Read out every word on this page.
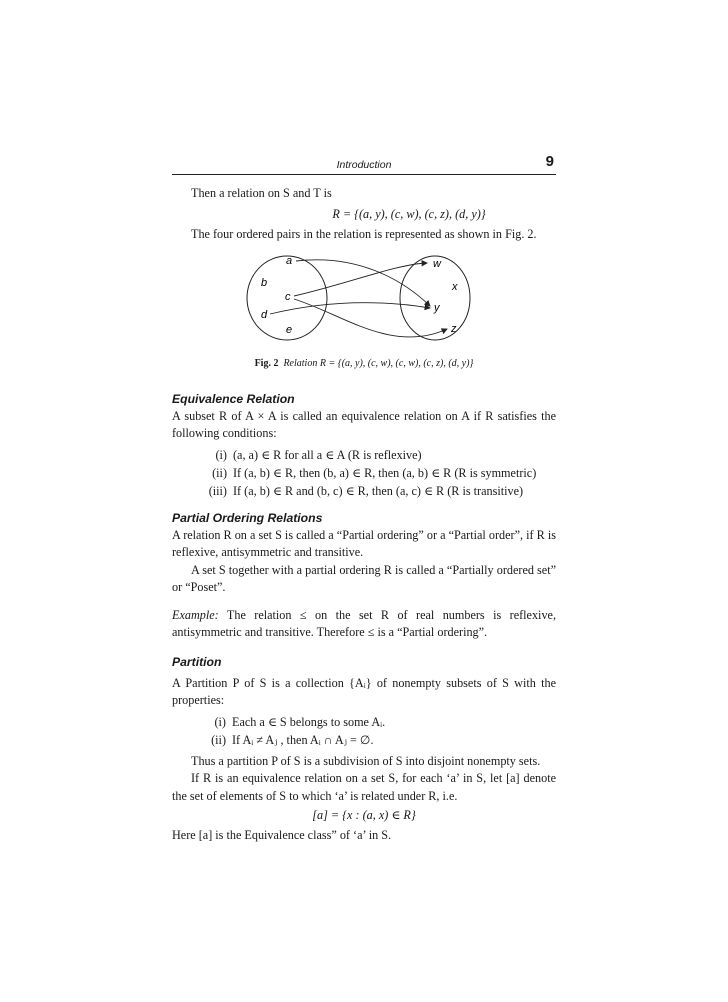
Introduction	9

Then a relation on S and T is

R = {(a, y), (c, w), (c, z), (d, y)}

The four ordered pairs in the relation is represented as shown in Fig. 2.

a
b
c
d
e
w
x
y
z
Fig. 2 Relation R = {(a, y), (c, w), (c, w), (c, z), (d, y)}
Equivalence Relation

A subset R of A × A is called an equivalence relation on A if R satisfies the following conditions:

(i) (a, a) ∈ R for all a ∈ A (R is reflexive)
(ii) If (a, b) ∈ R, then (b, a) ∈ R, then (a, b) ∈ R (R is symmetric)
(iii) If (a, b) ∈ R and (b, c) ∈ R, then (a, c) ∈ R (R is transitive)
Partial Ordering Relations

A relation R on a set S is called a “Partial ordering” or a “Partial order”, if R is reflexive, antisymmetric and transitive.

A set S together with a partial ordering R is called a “Partially ordered set” or “Poset”.

Example: The relation ≤ on the set R of real numbers is reflexive, antisymmetric and transitive. Therefore ≤ is a “Partial ordering”.

Partition

A Partition P of S is a collection {Aᵢ} of nonempty subsets of S with the properties:

(i) Each a ∈ S belongs to some Aᵢ.
(ii) If Aᵢ ≠ Aⱼ , then Aᵢ ∩ Aⱼ = ∅.

Thus a partition P of S is a subdivision of S into disjoint nonempty sets.

If R is an equivalence relation on a set S, for each ‘a’ in S, let [a] denote the set of elements of S to which ‘a’ is related under R, i.e.

[a] = {x : (a, x) ∈ R}

Here [a] is the Equivalence class” of ‘a’ in S.
